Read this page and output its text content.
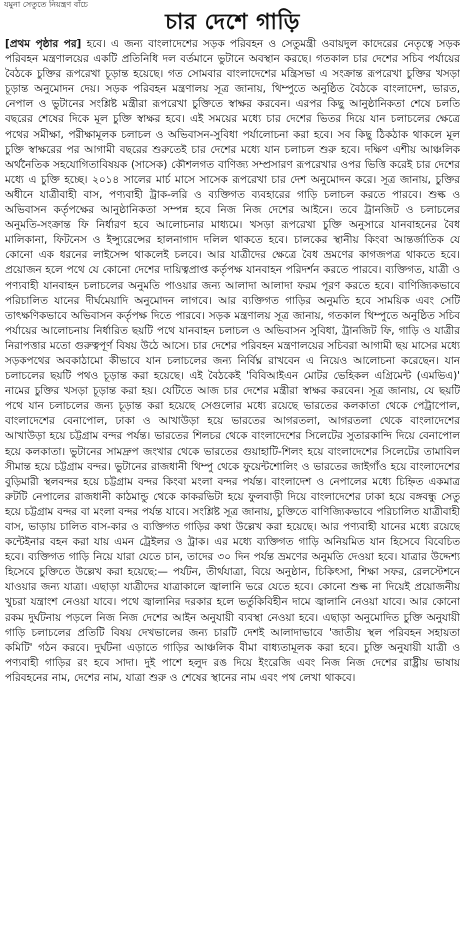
যমুনা সেতুতে নিয়ন্ত্রণ বাঁচে
চার দেশে গাড়ি

[প্রথম পৃষ্ঠার পর] হবে। এ জন্য বাংলাদেশের সড়ক পরিবহন ও সেতুমন্ত্রী ওবায়দুল কাদেরের নেতৃত্বে সড়ক পরিবহন মন্ত্রণালয়ের একটি প্রতিনিধি দল বর্তমানে ভুটানে অবস্থান করছে। গতকাল চার দেশের সচিব পর্যায়ের বৈঠকে চুক্তির রূপরেখা চূড়ান্ত হয়েছে। গত সোমবার বাংলাদেশের মন্ত্রিসভা এ সংক্রান্ত রূপরেখা চুক্তির খসড়া চূড়ান্ত অনুমোদন দেয়। সড়ক পরিবহন মন্ত্রণালয় সূত্র জানায়, থিম্পুতে অনুষ্ঠিত বৈঠকে বাংলাদেশ, ভারত, নেপাল ও ভুটানের সংশ্লিষ্ট মন্ত্রীরা রূপরেখা চুক্তিতে স্বাক্ষর করবেন। এরপর কিছু আনুষ্ঠানিকতা শেষে চলতি বছরের শেষের দিকে মূল চুক্তি স্বাক্ষর হবে। এই সময়ের মধ্যে চার দেশের ভিতর দিয়ে যান চলাচলের ক্ষেত্রে পথের সমীক্ষা, পরীক্ষামূলক চলাচল ও অভিবাসন-সুবিধা পর্যালোচনা করা হবে। সব কিছু ঠিকঠাক থাকলে মূল চুক্তি স্বাক্ষরের পর আগামী বছরের শুরুতেই চার দেশের মধ্যে যান চলাচল শুরু হবে। দক্ষিণ এশীয় আঞ্চলিক অর্থনৈতিক সহযোগিতাবিষয়ক (সাসেক) কৌশলগত বাণিজ্য সম্প্রসারণ রূপরেখার ওপর ভিত্তি করেই চার দেশের মধ্যে এ চুক্তি হচ্ছে। ২০১৪ সালের মার্চ মাসে সাসেক রূপরেখা চার দেশ অনুমোদন করে। সূত্র জানায়, চুক্তির অধীনে যাত্রীবাহী বাস, পণ্যবাহী ট্রাক-লরি ও ব্যক্তিগত ব্যবহারের গাড়ি চলাচল করতে পারবে। শুল্ক ও অভিবাসন কর্তৃপক্ষের আনুষ্ঠানিকতা সম্পন্ন হবে নিজ নিজ দেশের আইনে। তবে ট্রানজিট ও চলাচলের অনুমতি-সংক্রান্ত ফি নির্ধারণ হবে আলোচনার মাধ্যমে। খসড়া রূপরেখা চুক্তি অনুসারে যানবাহনের বৈধ মালিকানা, ফিটনেস ও ইন্স্যুরেন্সের হালনাগাদ দলিল থাকতে হবে। চালকের স্থানীয় কিংবা আন্তর্জাতিক যে কোনো এক ধরনের লাইসেন্স থাকলেই চলবে। আর যাত্রীদের ক্ষেত্রে বৈধ ভ্রমণের কাগজপত্র থাকতে হবে। প্রয়োজন হলে পথে যে কোনো দেশের দায়িত্বপ্রাপ্ত কর্তৃপক্ষ যানবাহন পরিদর্শন করতে পারবে। ব্যক্তিগত, যাত্রী ও পণ্যবাহী যানবাহন চলাচলের অনুমতি পাওয়ার জন্য আলাদা আলাদা ফরম পূরণ করতে হবে। বাণিজ্যিকভাবে পরিচালিত যানের দীর্ঘমেয়াদি অনুমোদন লাগবে। আর ব্যক্তিগত গাড়ির অনুমতি হবে সাময়িক এবং সেটি তাৎক্ষণিকভাবে অভিবাসন কর্তৃপক্ষ দিতে পারবে। সড়ক মন্ত্রণালয় সূত্র জানায়, গতকাল থিম্পুতে অনুষ্ঠিত সচিব পর্যায়ের আলোচনায় নির্ধারিত ছয়টি পথে যানবাহন চলাচল ও অভিবাসন সুবিধা, ট্রানজিট ফি, গাড়ি ও যাত্রীর নিরাপত্তার মতো গুরুত্বপূর্ণ বিষয় উঠে আসে। চার দেশের পরিবহন মন্ত্রণালয়ের সচিবরা আগামী ছয় মাসের মধ্যে সড়কপথের অবকাঠামো কীভাবে যান চলাচলের জন্য নির্বিঘ্ন রাখবেন এ নিয়েও আলোচনা করেছেন। যান চলাচলের ছয়টি পথও চূড়ান্ত করা হয়েছে। এই বৈঠকেই 'বিবিআইএন মোটর ভেহিকল এগ্রিমেন্ট (এমভিএ)' নামের চুক্তির খসড়া চূড়ান্ত করা হয়। যেটিতে আজ চার দেশের মন্ত্রীরা স্বাক্ষর করবেন। সূত্র জানায়, যে ছয়টি পথে যান চলাচলের জন্য চূড়ান্ত করা হয়েছে সেগুলোর মধ্যে রয়েছে ভারতের কলকাতা থেকে পেট্রাপোল, বাংলাদেশের বেনাপোল, ঢাকা ও আখাউড়া হয়ে ভারতের আগরতলা, আগরতলা থেকে বাংলাদেশের আখাউড়া হয়ে চট্টগ্রাম বন্দর পর্যন্ত। ভারতের শিলচর থেকে বাংলাদেশের সিলেটের সুতারকান্দি দিয়ে বেনাপোল হয়ে কলকাতা। ভুটানের সামদ্রুপ জংখার থেকে ভারতের গুয়াহাটি-শিলং হয়ে বাংলাদেশের সিলেটের তামাবিল সীমান্ত হয়ে চট্টগ্রাম বন্দর। ভুটানের রাজধানী থিম্পু থেকে ফুয়েন্টশোলিং ও ভারতের জাইগাঁও হয়ে বাংলাদেশের বুড়িমারী স্থলবন্দর হয়ে চট্টগ্রাম বন্দর কিংবা মংলা বন্দর পর্যন্ত। বাংলাদেশ ও নেপালের মধ্যে চিহ্নিত একমাত্র রুটটি নেপালের রাজধানী কাঠমান্ডু থেকে কাকরভিটা হয়ে ফুলবাড়ী দিয়ে বাংলাদেশের ঢাকা হয়ে বঙ্গবন্ধু সেতু হয়ে চট্টগ্রাম বন্দর বা মংলা বন্দর পর্যন্ত যাবে। সংশ্লিষ্ট সূত্র জানায়, চুক্তিতে বাণিজ্যিকভাবে পরিচালিত যাত্রীবাহী বাস, ভাড়ায় চালিত বাস-কার ও ব্যক্তিগত গাড়ির কথা উল্লেখ করা হয়েছে। আর পণ্যবাহী যানের মধ্যে রয়েছে কন্টেইনার বহন করা যায় এমন ট্রেইলর ও ট্রাক। এর মধ্যে ব্যক্তিগত গাড়ি অনিয়মিত যান হিসেবে বিবেচিত হবে। ব্যক্তিগত গাড়ি নিয়ে যারা যেতে চান, তাদের ৩০ দিন পর্যন্ত ভ্রমণের অনুমতি দেওয়া হবে। যাত্রার উদ্দেশ্য হিসেবে চুক্তিতে উল্লেখ করা হয়েছে:— পর্যটন, তীর্থযাত্রা, বিয়ে অনুষ্ঠান, চিকিৎসা, শিক্ষা সফর, রেলস্টেশনে যাওয়ার জন্য যাত্রা। এছাড়া যাত্রীদের যাত্রাকালে জ্বালানি ভরে যেতে হবে। কোনো শুল্ক না দিয়েই প্রয়োজনীয় খুচরা যন্ত্রাংশ নেওয়া যাবে। পথে জ্বালানির দরকার হলে ভর্তুকিবিহীন দামে জ্বালানি নেওয়া যাবে। আর কোনো রকম দুর্ঘটনায় পড়লে নিজ নিজ দেশের আইন অনুযায়ী ব্যবস্থা নেওয়া হবে। এছাড়া অনুমোদিত চুক্তি অনুযায়ী গাড়ি চলাচলের প্রতিটি বিষয় দেখভালের জন্য চারটি দেশই আলাদাভাবে 'জাতীয় স্থল পরিবহন সহায়তা কমিটি' গঠন করবে। দুর্ঘটনা এড়াতে গাড়ির আঞ্চলিক বীমা বাধ্যতামূলক করা হবে। চুক্তি অনুযায়ী যাত্রী ও পণ্যবাহী গাড়ির রং হবে সাদা। দুই পাশে হলুদ রঙ দিয়ে ইংরেজি এবং নিজ নিজ দেশের রাষ্ট্রীয় ভাষায় পরিবহনের নাম, দেশের নাম, যাত্রা শুরু ও শেষের স্থানের নাম এবং পথ লেখা থাকবে।
